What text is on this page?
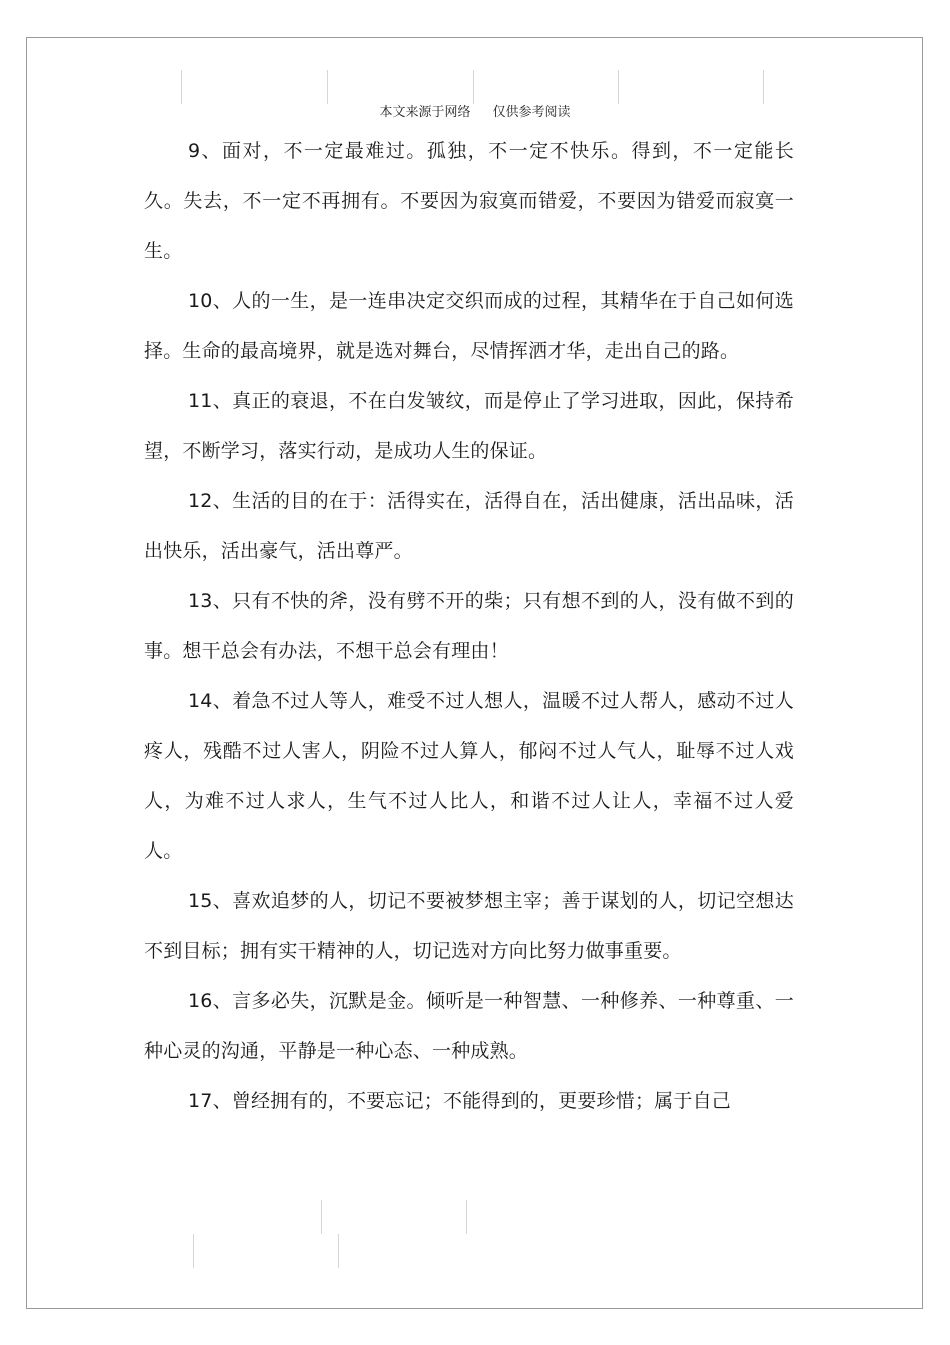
本文来源于网络 仅供参考阅读

9、面对，不一定最难过。孤独，不一定不快乐。得到，不一定能长久。失去，不一定不再拥有。不要因为寂寞而错爱，不要因为错爱而寂寞一生。

10、人的一生，是一连串决定交织而成的过程，其精华在于自己如何选择。生命的最高境界，就是选对舞台，尽情挥洒才华，走出自己的路。

11、真正的衰退，不在白发皱纹，而是停止了学习进取，因此，保持希望，不断学习，落实行动，是成功人生的保证。

12、生活的目的在于：活得实在，活得自在，活出健康，活出品味，活出快乐，活出豪气，活出尊严。

13、只有不快的斧，没有劈不开的柴；只有想不到的人，没有做不到的事。想干总会有办法，不想干总会有理由！

14、着急不过人等人，难受不过人想人，温暖不过人帮人，感动不过人疼人，残酷不过人害人，阴险不过人算人，郁闷不过人气人，耻辱不过人戏人，为难不过人求人，生气不过人比人，和谐不过人让人，幸福不过人爱人。

15、喜欢追梦的人，切记不要被梦想主宰；善于谋划的人，切记空想达不到目标；拥有实干精神的人，切记选对方向比努力做事重要。

16、言多必失，沉默是金。倾听是一种智慧、一种修养、一种尊重、一种心灵的沟通，平静是一种心态、一种成熟。

17、曾经拥有的，不要忘记；不能得到的，更要珍惜；属于自己
